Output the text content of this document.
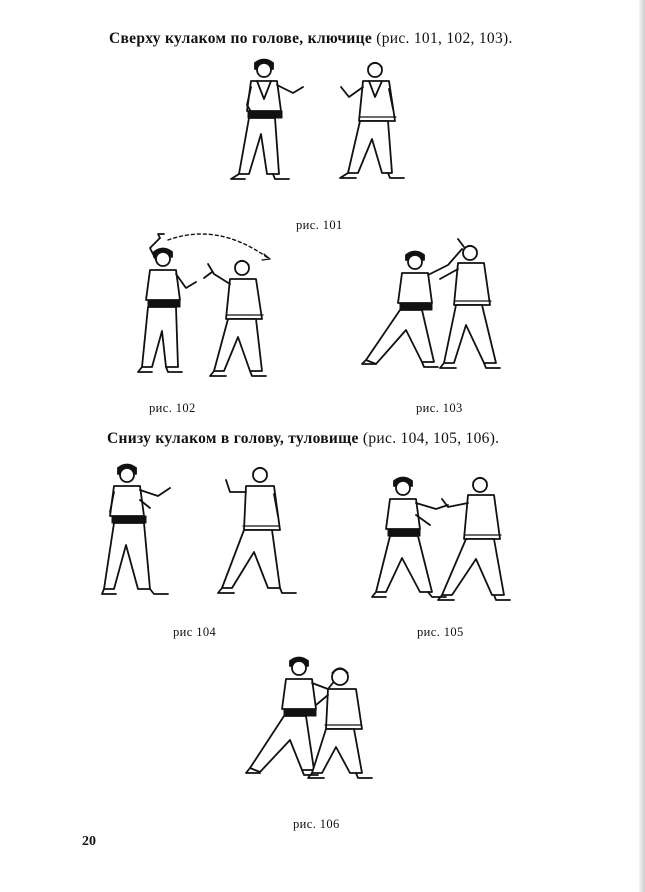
Сверху кулаком по голове, ключице (рис. 101, 102, 103).
рис. 101
рис. 102	рис. 103
Снизу кулаком в голову, туловище (рис. 104, 105, 106).
рис 104	рис. 105
рис. 106
20
